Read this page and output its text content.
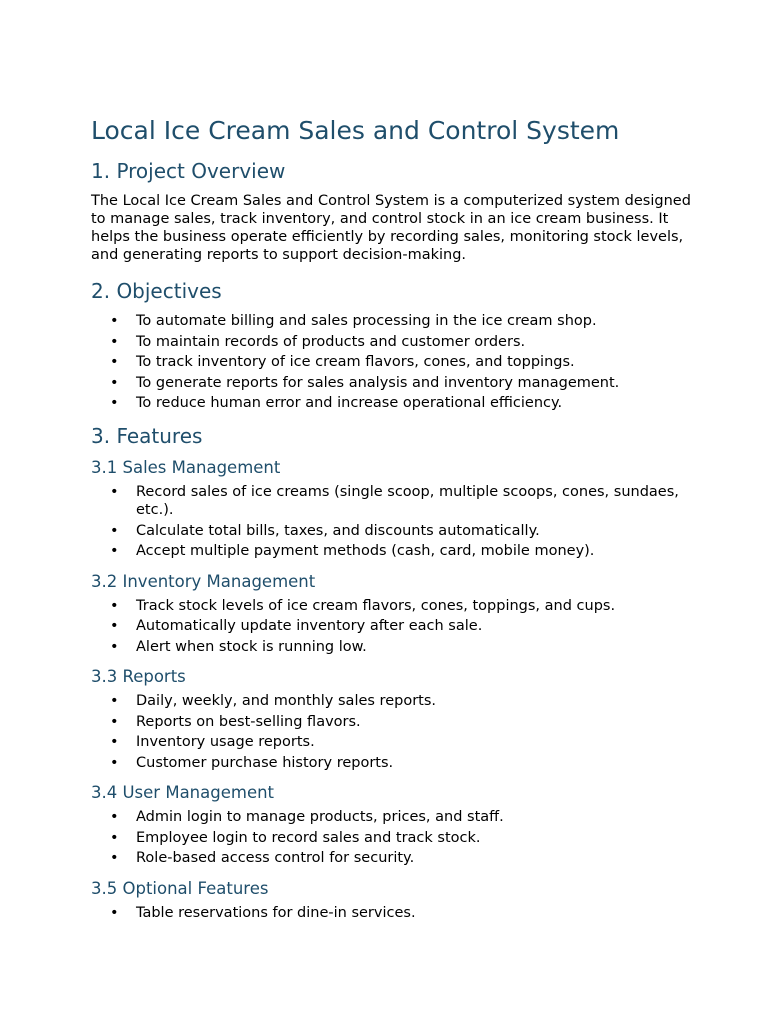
Local Ice Cream Sales and Control System
1. Project Overview

The Local Ice Cream Sales and Control System is a computerized system designed to manage sales, track inventory, and control stock in an ice cream business. It helps the business operate efficiently by recording sales, monitoring stock levels, and generating reports to support decision-making.

2. Objectives
• To automate billing and sales processing in the ice cream shop.
• To maintain records of products and customer orders.
• To track inventory of ice cream flavors, cones, and toppings.
• To generate reports for sales analysis and inventory management.
• To reduce human error and increase operational efficiency.
3. Features
3.1 Sales Management
• Record sales of ice creams (single scoop, multiple scoops, cones, sundaes, etc.).
• Calculate total bills, taxes, and discounts automatically.
• Accept multiple payment methods (cash, card, mobile money).
3.2 Inventory Management
• Track stock levels of ice cream flavors, cones, toppings, and cups.
• Automatically update inventory after each sale.
• Alert when stock is running low.
3.3 Reports
• Daily, weekly, and monthly sales reports.
• Reports on best-selling flavors.
• Inventory usage reports.
• Customer purchase history reports.
3.4 User Management
• Admin login to manage products, prices, and staff.
• Employee login to record sales and track stock.
• Role-based access control for security.
3.5 Optional Features
• Table reservations for dine-in services.
